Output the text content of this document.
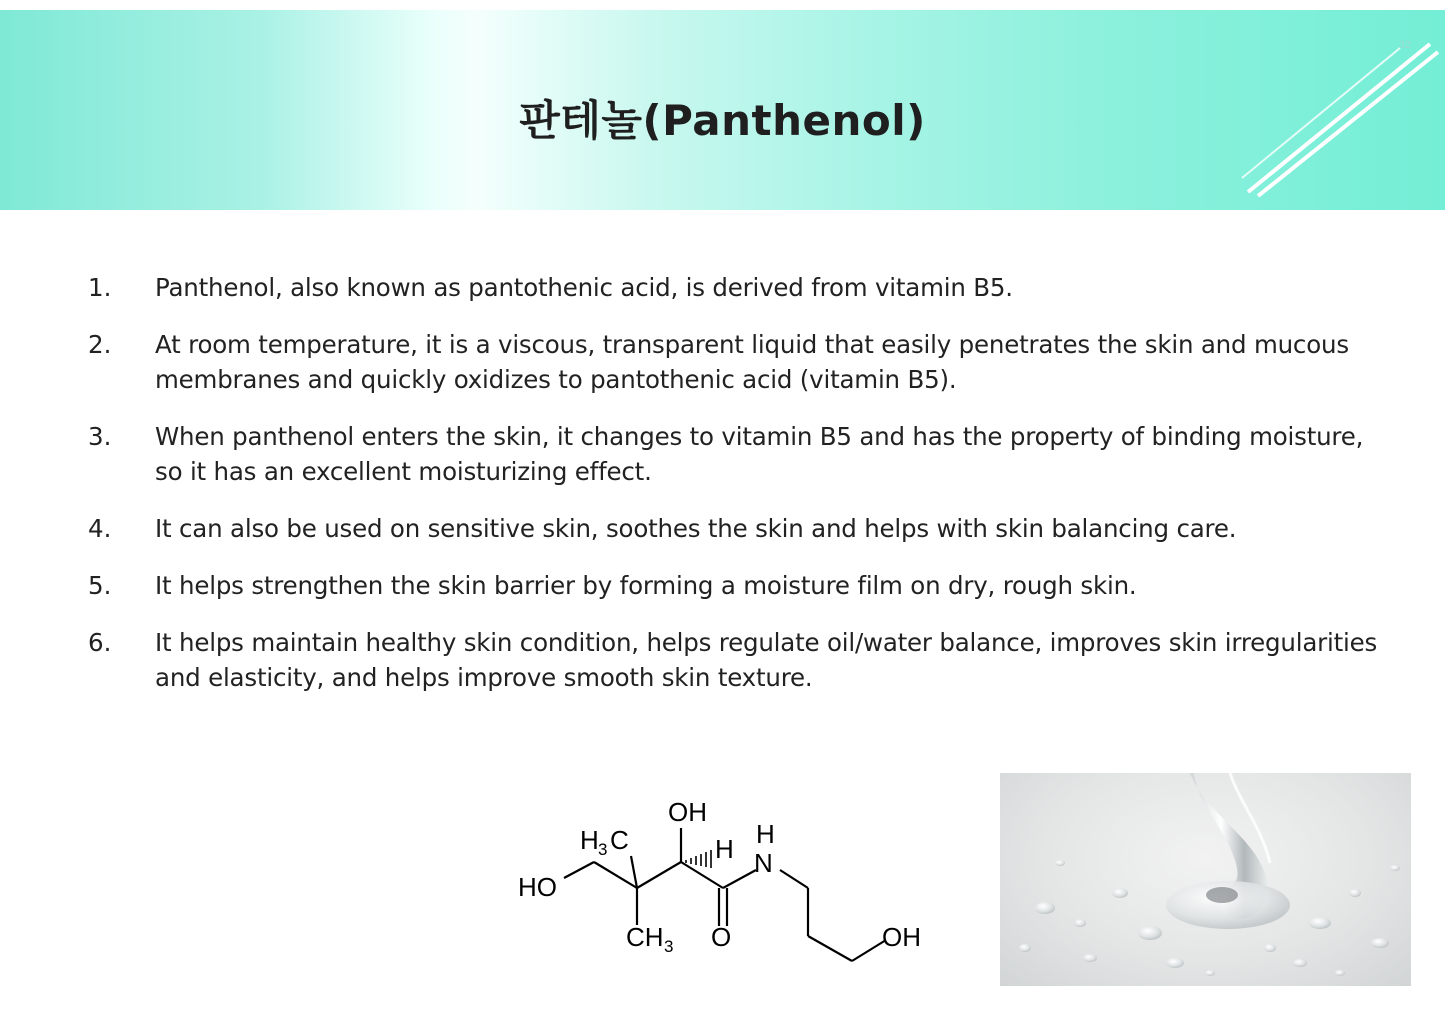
32
판테놀(Panthenol)
1.	Panthenol, also known as pantothenic acid, is derived from vitamin B5.
2.	At room temperature, it is a viscous, transparent liquid that easily penetrates the skin and mucous membranes and quickly oxidizes to pantothenic acid (vitamin B5).
3.	When panthenol enters the skin, it changes to vitamin B5 and has the property of binding moisture, so it has an excellent moisturizing effect.
4.	It can also be used on sensitive skin, soothes the skin and helps with skin balancing care.
5.	It helps strengthen the skin barrier by forming a moisture film on dry, rough skin.
6.	It helps maintain healthy skin condition, helps regulate oil/water balance, improves skin irregularities and elasticity, and helps improve smooth skin texture.
HO
H 3 C
OH
H H
N
CH 3 O	OH
